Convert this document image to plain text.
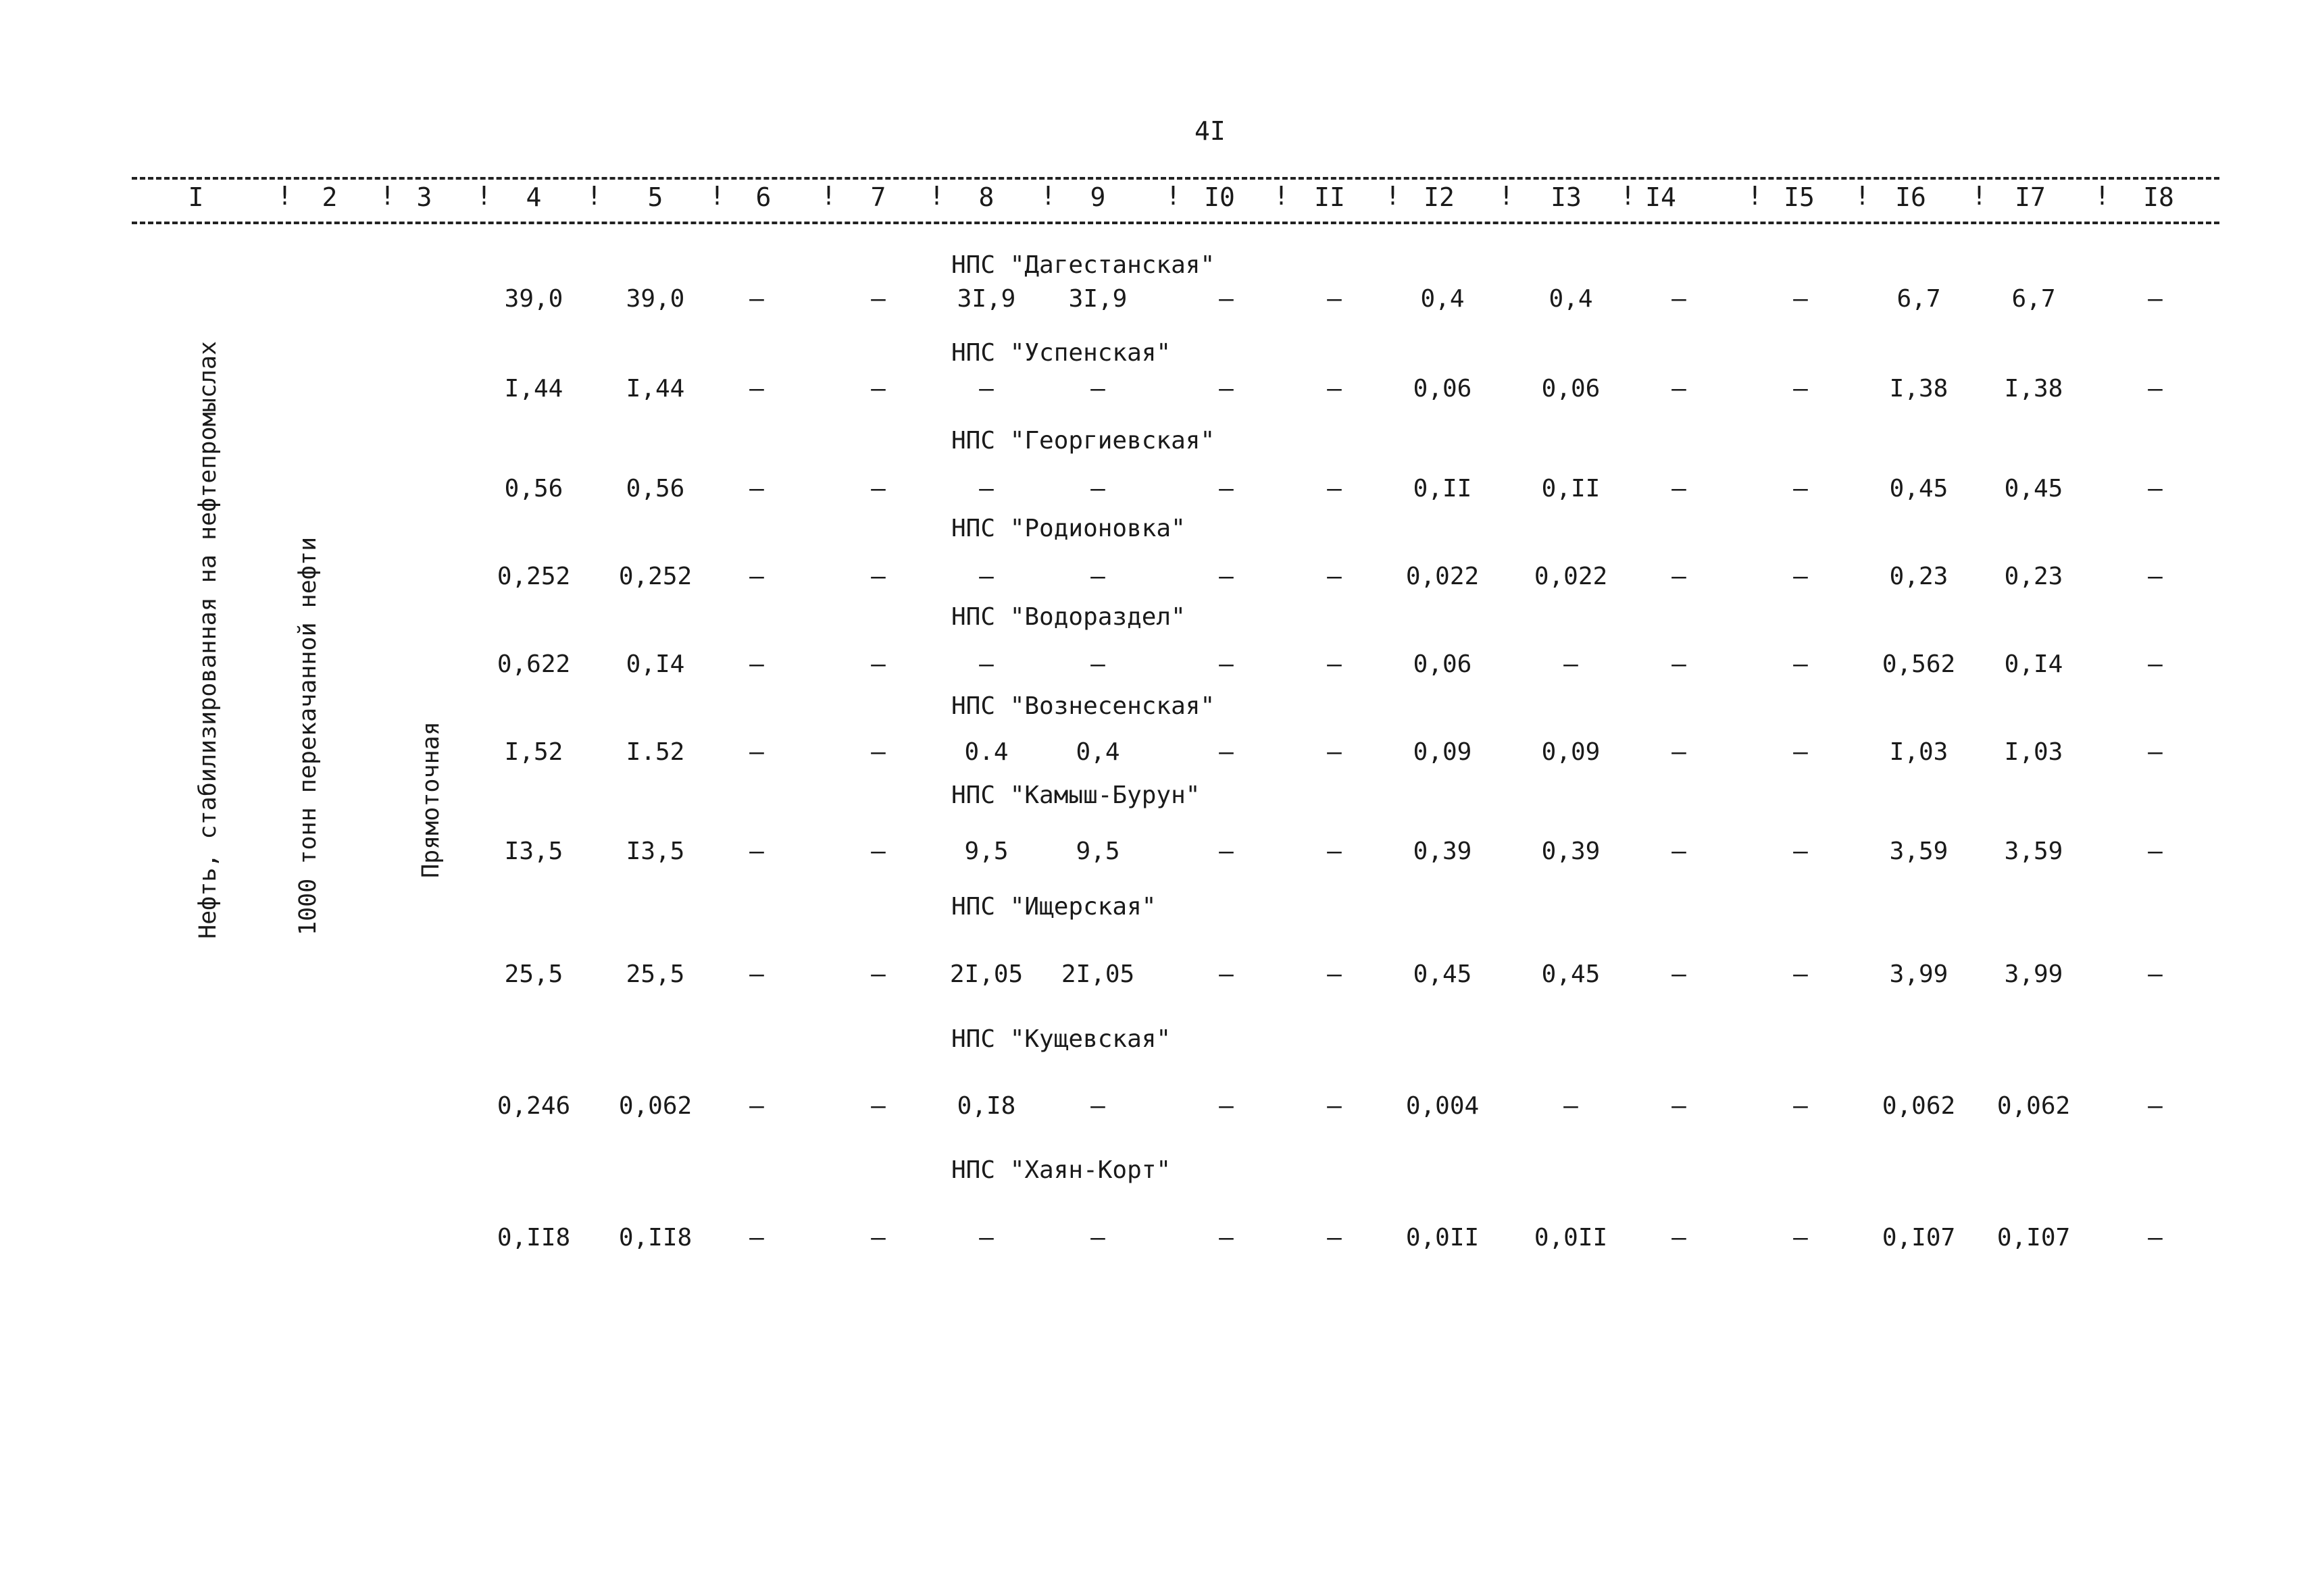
4I
I	2	3	4	5	6	7	8	9	I0	II	I2	I3	I4	I5	I6	I7	I8
!	!	!	!	!	!	!	!	!	!	!	!	!	!	!	!	!
Нефть, стабилизированная на нефтепромыслах	1000 тонн перекачанной нефти	Прямоточная
НПС "Дагестанская"
39,0	39,0	–	–	3I,9	3I,9	–	–	0,4	0,4	–	–	6,7	6,7	–
НПС "Успенская"
I,44	I,44	–	–	–	–	–	–	0,06	0,06	–	–	I,38	I,38	–
НПС "Георгиевская"
0,56	0,56	–	–	–	–	–	–	0,II	0,II	–	–	0,45	0,45	–
НПС "Родионовка"
0,252	0,252	–	–	–	–	–	–	0,022	0,022	–	–	0,23	0,23	–
НПС "Водораздел"
0,622	0,I4	–	–	–	–	–	–	0,06	–	–	–	0,562	0,I4	–
НПС "Вознесенская"
I,52	I.52	–	–	0.4	0,4	–	–	0,09	0,09	–	–	I,03	I,03	–
НПС "Камыш-Бурун"
I3,5	I3,5	–	–	9,5	9,5	–	–	0,39	0,39	–	–	3,59	3,59	–
НПС "Ищерская"
25,5	25,5	–	–	2I,05	2I,05	–	–	0,45	0,45	–	–	3,99	3,99	–
НПС "Кущевская"
0,246	0,062	–	–	0,I8	–	–	–	0,004	–	–	–	0,062	0,062	–
НПС "Хаян-Корт"
0,II8	0,II8	–	–	–	–	–	–	0,0II	0,0II	–	–	0,I07	0,I07	–
